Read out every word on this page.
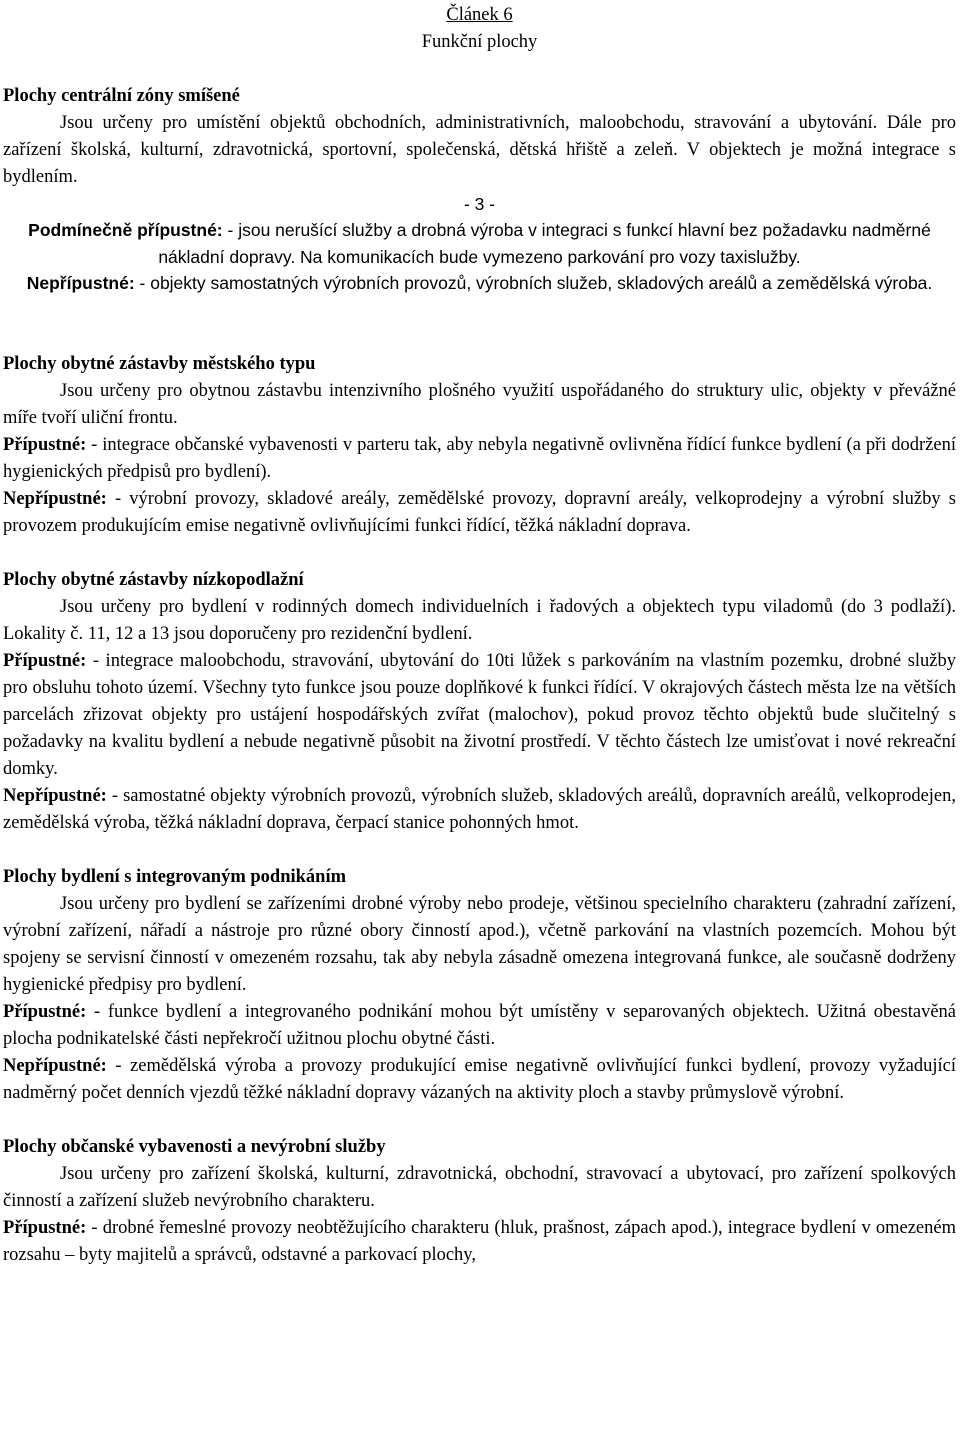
Článek 6
Funkční plochy
Plochy centrální zóny smíšené

Jsou určeny pro umístění objektů obchodních, administrativních, maloobchodu, stravování a ubytování. Dále pro zařízení školská, kulturní, zdravotnická, sportovní, společenská, dětská hřiště a zeleň. V objektech je možná integrace s bydlením.

- 3 -

Podmínečně přípustné: - jsou nerušící služby a drobná výroba v integraci s funkcí hlavní bez požadavku nadměrné nákladní dopravy. Na komunikacích bude vymezeno parkování pro vozy taxislužby.

Nepřípustné: - objekty samostatných výrobních provozů, výrobních služeb, skladových areálů a zemědělská výroba.

Plochy obytné zástavby městského typu

Jsou určeny pro obytnou zástavbu intenzivního plošného využití uspořádaného do struktury ulic, objekty v převážné míře tvoří uliční frontu.

Přípustné: - integrace občanské vybavenosti v parteru tak, aby nebyla negativně ovlivněna řídící funkce bydlení (a při dodržení hygienických předpisů pro bydlení).

Nepřípustné: - výrobní provozy, skladové areály, zemědělské provozy, dopravní areály, velkoprodejny a výrobní služby s provozem produkujícím emise negativně ovlivňujícími funkci řídící, těžká nákladní doprava.

Plochy obytné zástavby nízkopodlažní

Jsou určeny pro bydlení v rodinných domech individuelních i řadových a objektech typu viladomů (do 3 podlaží). Lokality č. 11, 12 a 13 jsou doporučeny pro rezidenční bydlení.

Přípustné: - integrace maloobchodu, stravování, ubytování do 10ti lůžek s parkováním na vlastním pozemku, drobné služby pro obsluhu tohoto území. Všechny tyto funkce jsou pouze doplňkové k funkci řídící. V okrajových částech města lze na větších parcelách zřizovat objekty pro ustájení hospodářských zvířat (malochov), pokud provoz těchto objektů bude slučitelný s požadavky na kvalitu bydlení a nebude negativně působit na životní prostředí. V těchto částech lze umisťovat i nové rekreační domky.

Nepřípustné: - samostatné objekty výrobních provozů, výrobních služeb, skladových areálů, dopravních areálů, velkoprodejen, zemědělská výroba, těžká nákladní doprava, čerpací stanice pohonných hmot.

Plochy bydlení s integrovaným podnikáním

Jsou určeny pro bydlení se zařízeními drobné výroby nebo prodeje, většinou specielního charakteru (zahradní zařízení, výrobní zařízení, nářadí a nástroje pro různé obory činností apod.), včetně parkování na vlastních pozemcích. Mohou být spojeny se servisní činností v omezeném rozsahu, tak aby nebyla zásadně omezena integrovaná funkce, ale současně dodrženy hygienické předpisy pro bydlení.

Přípustné: - funkce bydlení a integrovaného podnikání mohou být umístěny v separovaných objektech. Užitná obestavěná plocha podnikatelské části nepřekročí užitnou plochu obytné části.

Nepřípustné: - zemědělská výroba a provozy produkující emise negativně ovlivňující funkci bydlení, provozy vyžadující nadměrný počet denních vjezdů těžké nákladní dopravy vázaných na aktivity ploch a stavby průmyslově výrobní.

Plochy občanské vybavenosti a nevýrobní služby

Jsou určeny pro zařízení školská, kulturní, zdravotnická, obchodní, stravovací a ubytovací, pro zařízení spolkových činností a zařízení služeb nevýrobního charakteru.

Přípustné: - drobné řemeslné provozy neobtěžujícího charakteru (hluk, prašnost, zápach apod.), integrace bydlení v omezeném rozsahu – byty majitelů a správců, odstavné a parkovací plochy,
